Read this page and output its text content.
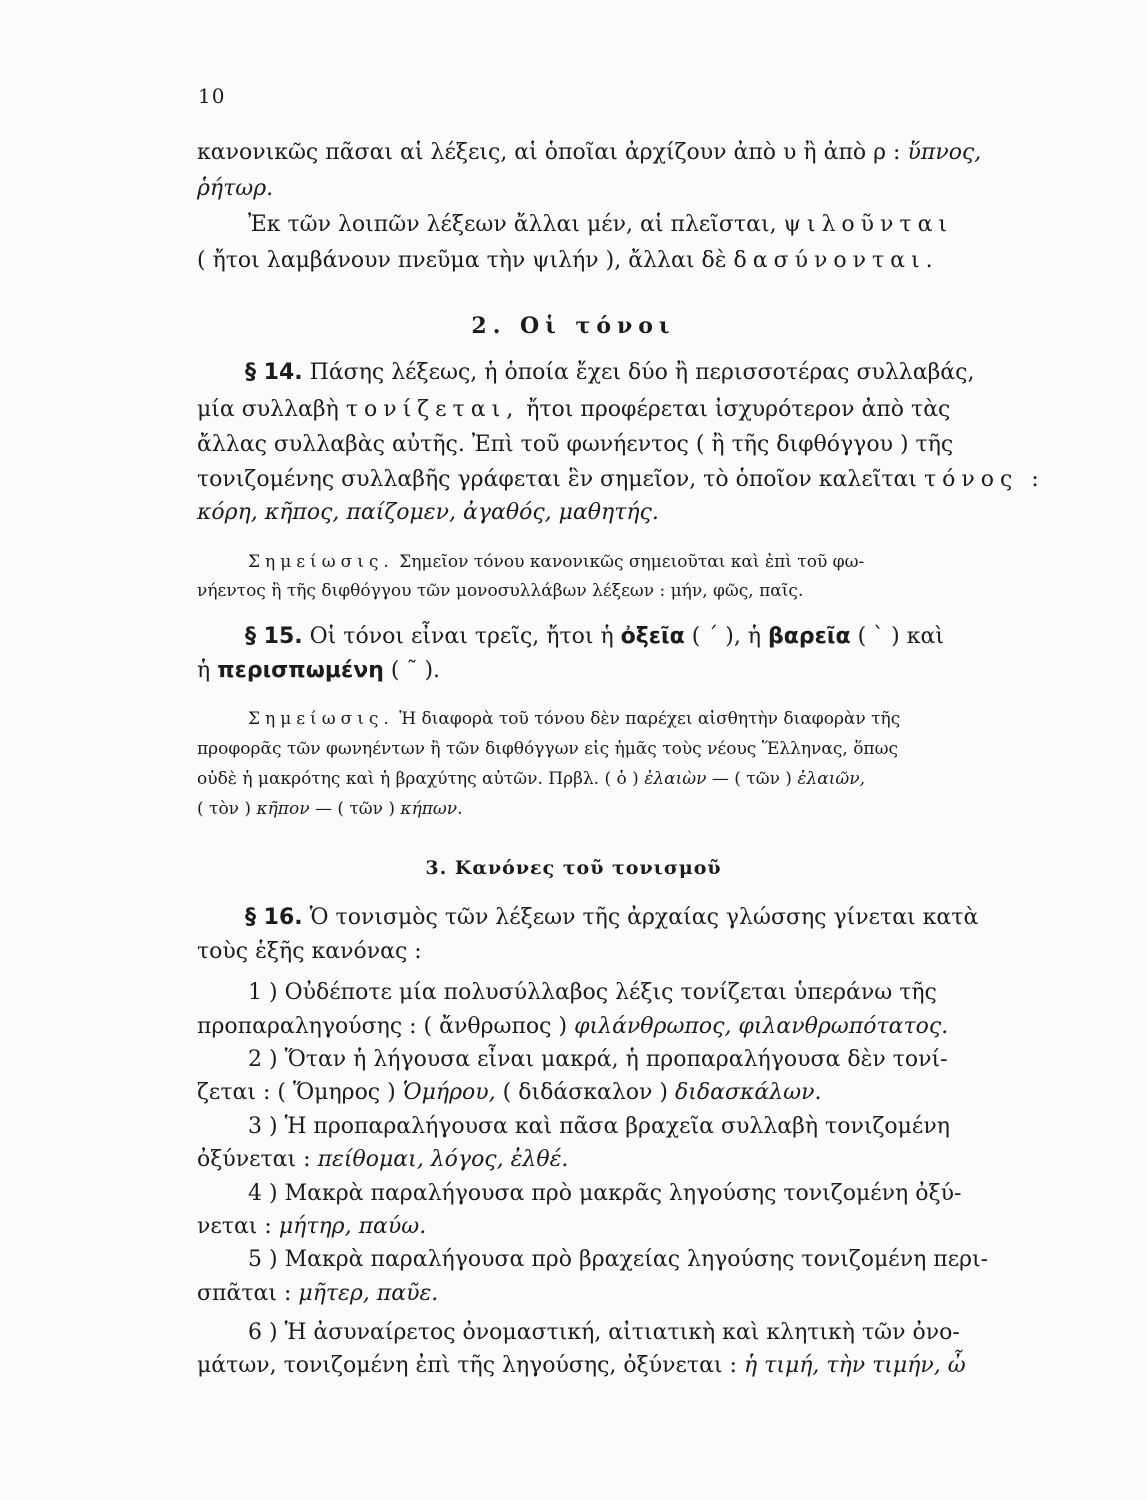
10
κανονικῶς πᾶσαι αἱ λέξεις, αἱ ὁποῖαι ἀρχίζουν ἀπὸ υ ἢ ἀπὸ ρ : ὕπνος,
ῥήτωρ.
Ἐκ τῶν λοιπῶν λέξεων ἄλλαι μέν, αἱ πλεῖσται, ψιλοῦνται
( ἤτοι λαμβάνουν πνεῦμα τὴν ψιλήν ), ἄλλαι δὲ δασύνονται.
2. Οἱ τόνοι
§ 14. Πάσης λέξεως, ἡ ὁποία ἔχει δύο ἢ περισσοτέρας συλλαβάς,
μία συλλαβὴ τονίζεται, ἤτοι προφέρεται ἰσχυρότερον ἀπὸ τὰς
ἄλλας συλλαβὰς αὐτῆς. Ἐπὶ τοῦ φωνήεντος ( ἢ τῆς διφθόγγου ) τῆς
τονιζομένης συλλαβῆς γράφεται ἓν σημεῖον, τὸ ὁποῖον καλεῖται τόνος :
κόρη, κῆπος, παίζομεν, ἀγαθός, μαθητής.
Σημείωσις. Σημεῖον τόνου κανονικῶς σημειοῦται καὶ ἐπὶ τοῦ φω-
νήεντος ἢ τῆς διφθόγγου τῶν μονοσυλλάβων λέξεων : μήν, φῶς, παῖς.
§ 15. Οἱ τόνοι εἶναι τρεῖς, ἤτοι ἡ ὀξεῖα ( ΄ ), ἡ βαρεῖα ( ` ) καὶ
ἡ περισπωμένη ( ῀ ).
Σημείωσις. Ἡ διαφορὰ τοῦ τόνου δὲν παρέχει αἰσθητὴν διαφορὰν τῆς
προφορᾶς τῶν φωνηέντων ἢ τῶν διφθόγγων εἰς ἡμᾶς τοὺς νέους Ἕλληνας, ὅπως
οὐδὲ ἡ μακρότης καὶ ἡ βραχύτης αὐτῶν. Πρβλ. ( ὁ ) ἐλαιὼν — ( τῶν ) ἐλαιῶν,
( τὸν ) κῆπον — ( τῶν ) κήπων.
3. Κανόνες τοῦ τονισμοῦ
§ 16. Ὁ τονισμὸς τῶν λέξεων τῆς ἀρχαίας γλώσσης γίνεται κατὰ
τοὺς ἑξῆς κανόνας :
1 ) Οὐδέποτε μία πολυσύλλαβος λέξις τονίζεται ὑπεράνω τῆς
προπαραληγούσης : ( ἄνθρωπος ) φιλάνθρωπος, φιλανθρωπότατος.
2 ) Ὅταν ἡ λήγουσα εἶναι μακρά, ἡ προπαραλήγουσα δὲν τονί-
ζεται : ( Ὅμηρος ) Ὁμήρου, ( διδάσκαλον ) διδασκάλων.
3 ) Ἡ προπαραλήγουσα καὶ πᾶσα βραχεῖα συλλαβὴ τονιζομένη
ὀξύνεται : πείθομαι, λόγος, ἐλθέ.
4 ) Μακρὰ παραλήγουσα πρὸ μακρᾶς ληγούσης τονιζομένη ὀξύ-
νεται : μήτηρ, παύω.
5 ) Μακρὰ παραλήγουσα πρὸ βραχείας ληγούσης τονιζομένη περι-
σπᾶται : μῆτερ, παῦε.
6 ) Ἡ ἀσυναίρετος ὀνομαστική, αἰτιατικὴ καὶ κλητικὴ τῶν ὀνο-
μάτων, τονιζομένη ἐπὶ τῆς ληγούσης, ὀξύνεται : ἡ τιμή, τὴν τιμήν, ὦ
